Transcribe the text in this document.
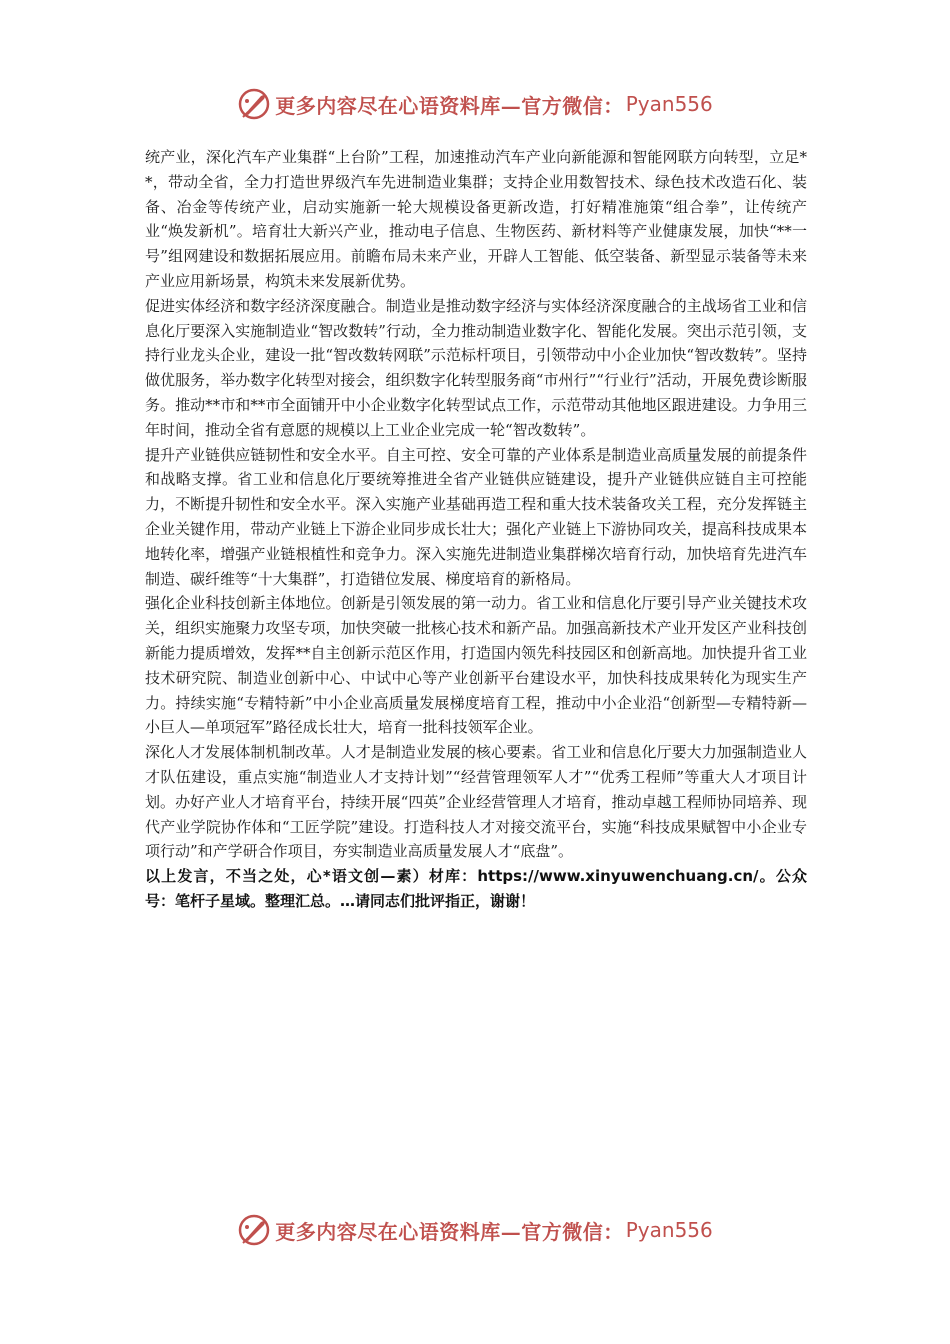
更多内容尽在心语资料库—官方微信： Pyan556

统产业，深化汽车产业集群“上台阶”工程，加速推动汽车产业向新能源和智能网联方向转型，立足**，带动全省，全力打造世界级汽车先进制造业集群；支持企业用数智技术、绿色技术改造石化、装备、冶金等传统产业，启动实施新一轮大规模设备更新改造，打好精准施策“组合拳”，让传统产业“焕发新机”。培育壮大新兴产业，推动电子信息、生物医药、新材料等产业健康发展，加快“**一号”组网建设和数据拓展应用。前瞻布局未来产业，开辟人工智能、低空装备、新型显示装备等未来产业应用新场景，构筑未来发展新优势。

促进实体经济和数字经济深度融合。制造业是推动数字经济与实体经济深度融合的主战场省工业和信息化厅要深入实施制造业“智改数转”行动，全力推动制造业数字化、智能化发展。突出示范引领，支持行业龙头企业，建设一批“智改数转网联”示范标杆项目，引领带动中小企业加快“智改数转”。坚持做优服务，举办数字化转型对接会，组织数字化转型服务商“市州行”“行业行”活动，开展免费诊断服务。推动**市和**市全面铺开中小企业数字化转型试点工作，示范带动其他地区跟进建设。力争用三年时间，推动全省有意愿的规模以上工业企业完成一轮“智改数转”。

提升产业链供应链韧性和安全水平。自主可控、安全可靠的产业体系是制造业高质量发展的前提条件和战略支撑。省工业和信息化厅要统筹推进全省产业链供应链建设，提升产业链供应链自主可控能力，不断提升韧性和安全水平。深入实施产业基础再造工程和重大技术装备攻关工程，充分发挥链主企业关键作用，带动产业链上下游企业同步成长壮大；强化产业链上下游协同攻关，提高科技成果本地转化率，增强产业链根植性和竞争力。深入实施先进制造业集群梯次培育行动，加快培育先进汽车制造、碳纤维等“十大集群”，打造错位发展、梯度培育的新格局。

强化企业科技创新主体地位。创新是引领发展的第一动力。省工业和信息化厅要引导产业关键技术攻关，组织实施聚力攻坚专项，加快突破一批核心技术和新产品。加强高新技术产业开发区产业科技创新能力提质增效，发挥**自主创新示范区作用，打造国内领先科技园区和创新高地。加快提升省工业技术研究院、制造业创新中心、中试中心等产业创新平台建设水平，加快科技成果转化为现实生产力。持续实施“专精特新”中小企业高质量发展梯度培育工程，推动中小企业沿“创新型—专精特新—小巨人—单项冠军”路径成长壮大，培育一批科技领军企业。

深化人才发展体制机制改革。人才是制造业发展的核心要素。省工业和信息化厅要大力加强制造业人才队伍建设，重点实施“制造业人才支持计划”“经营管理领军人才”“优秀工程师”等重大人才项目计划。办好产业人才培育平台，持续开展“四英”企业经营管理人才培育，推动卓越工程师协同培养、现代产业学院协作体和“工匠学院”建设。打造科技人才对接交流平台，实施“科技成果赋智中小企业专项行动”和产学研合作项目，夯实制造业高质量发展人才“底盘”。

以上发言，不当之处，心*语文创—素）材库：https://www.xinyuwenchuang.cn/。公众号：笔杆子星域。整理汇总。…请同志们批评指正，谢谢！

更多内容尽在心语资料库—官方微信： Pyan556
